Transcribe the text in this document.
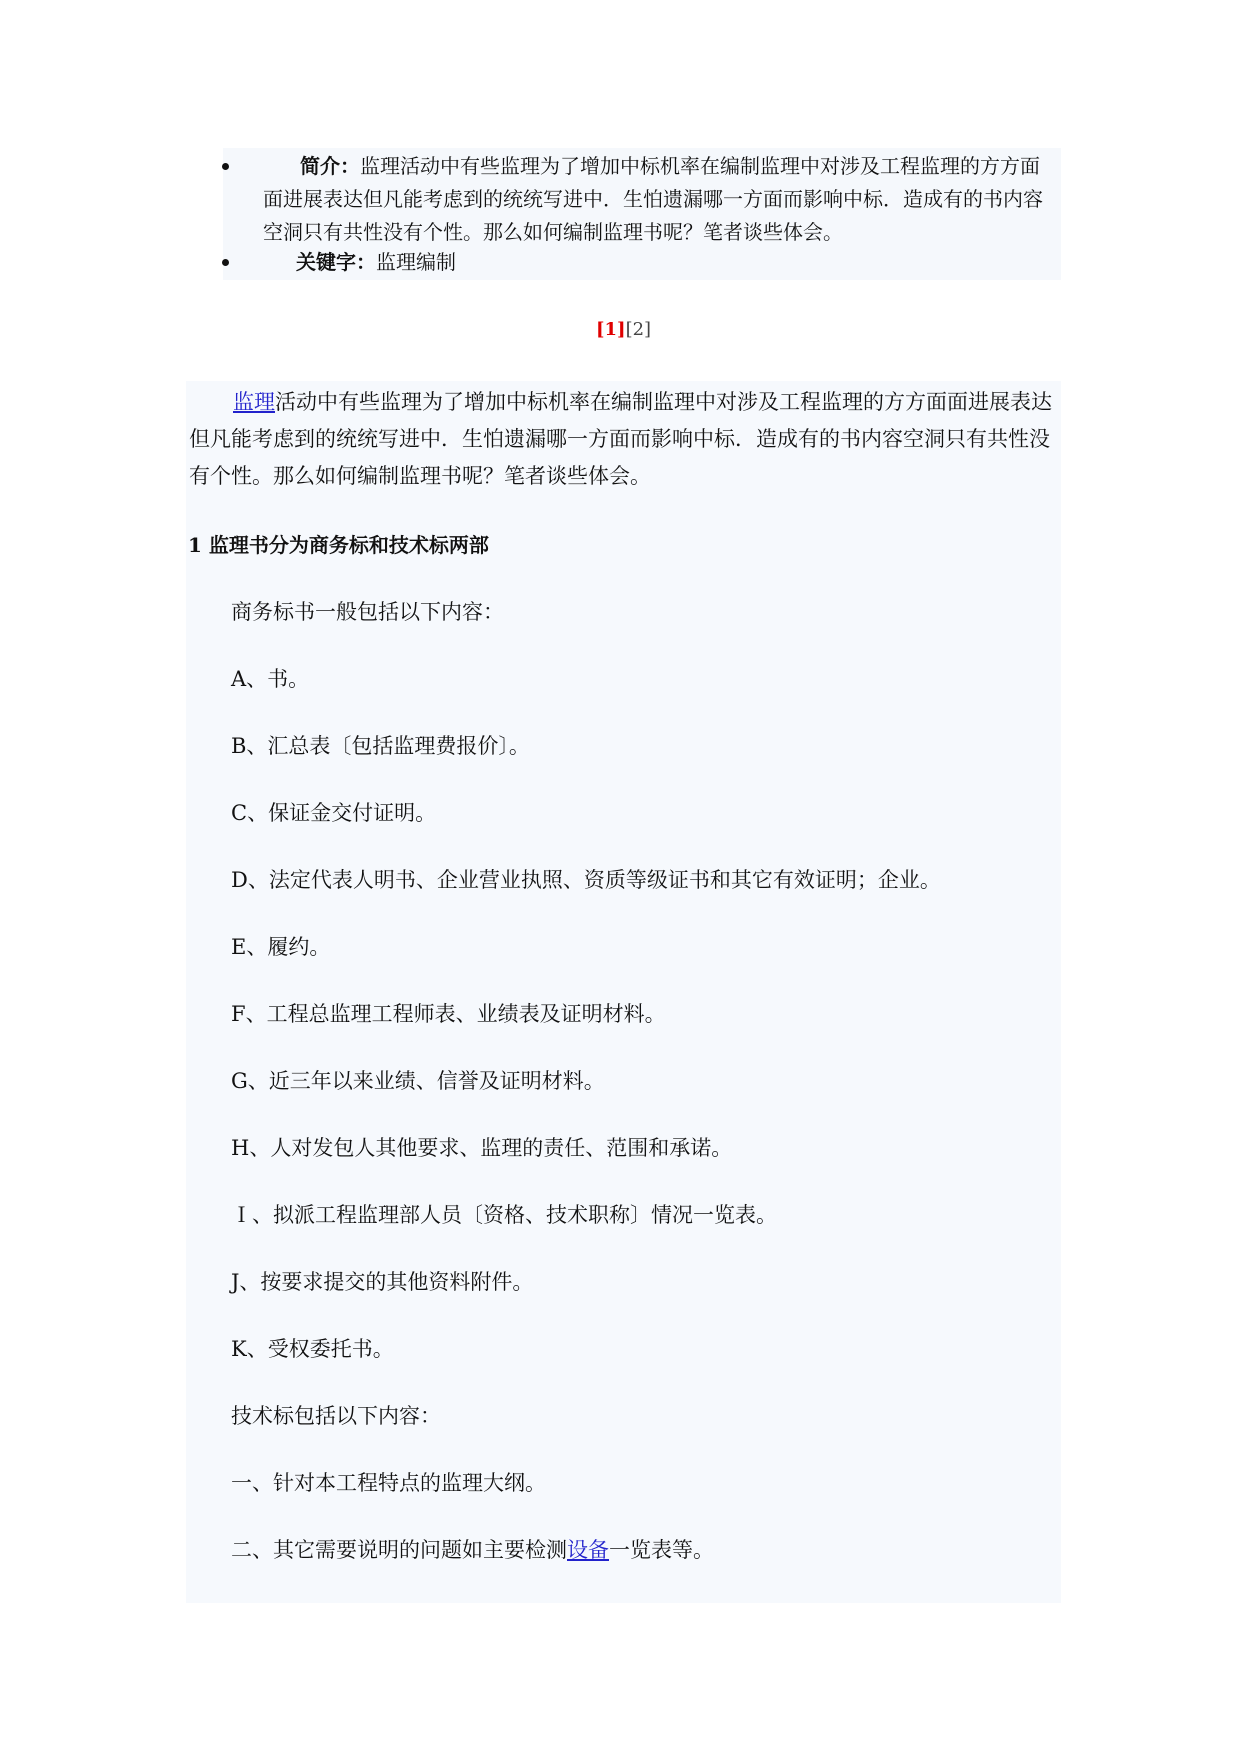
简介：监理活动中有些监理为了增加中标机率在编制监理中对涉及工程监理的方方面面进展表达但凡能考虑到的统统写进中．生怕遗漏哪一方面而影响中标．造成有的书内容空洞只有共性没有个性。那么如何编制监理书呢？笔者谈些体会。
关键字：监理编制
[1][2]
监理活动中有些监理为了增加中标机率在编制监理中对涉及工程监理的方方面面进展表达但凡能考虑到的统统写进中．生怕遗漏哪一方面而影响中标．造成有的书内容空洞只有共性没有个性。那么如何编制监理书呢？笔者谈些体会。
1 监理书分为商务标和技术标两部
商务标书一般包括以下内容：
A、书。
B、汇总表〔包括监理费报价〕。
C、保证金交付证明。
D、法定代表人明书、企业营业执照、资质等级证书和其它有效证明；企业。
E、履约。
F、工程总监理工程师表、业绩表及证明材料。
G、近三年以来业绩、信誉及证明材料。
H、人对发包人其他要求、监理的责任、范围和承诺。
Ｉ、拟派工程监理部人员〔资格、技术职称〕情况一览表。
J、按要求提交的其他资料附件。
K、受权委托书。
技术标包括以下内容：
一、针对本工程特点的监理大纲。
二、其它需要说明的问题如主要检测设备一览表等。
